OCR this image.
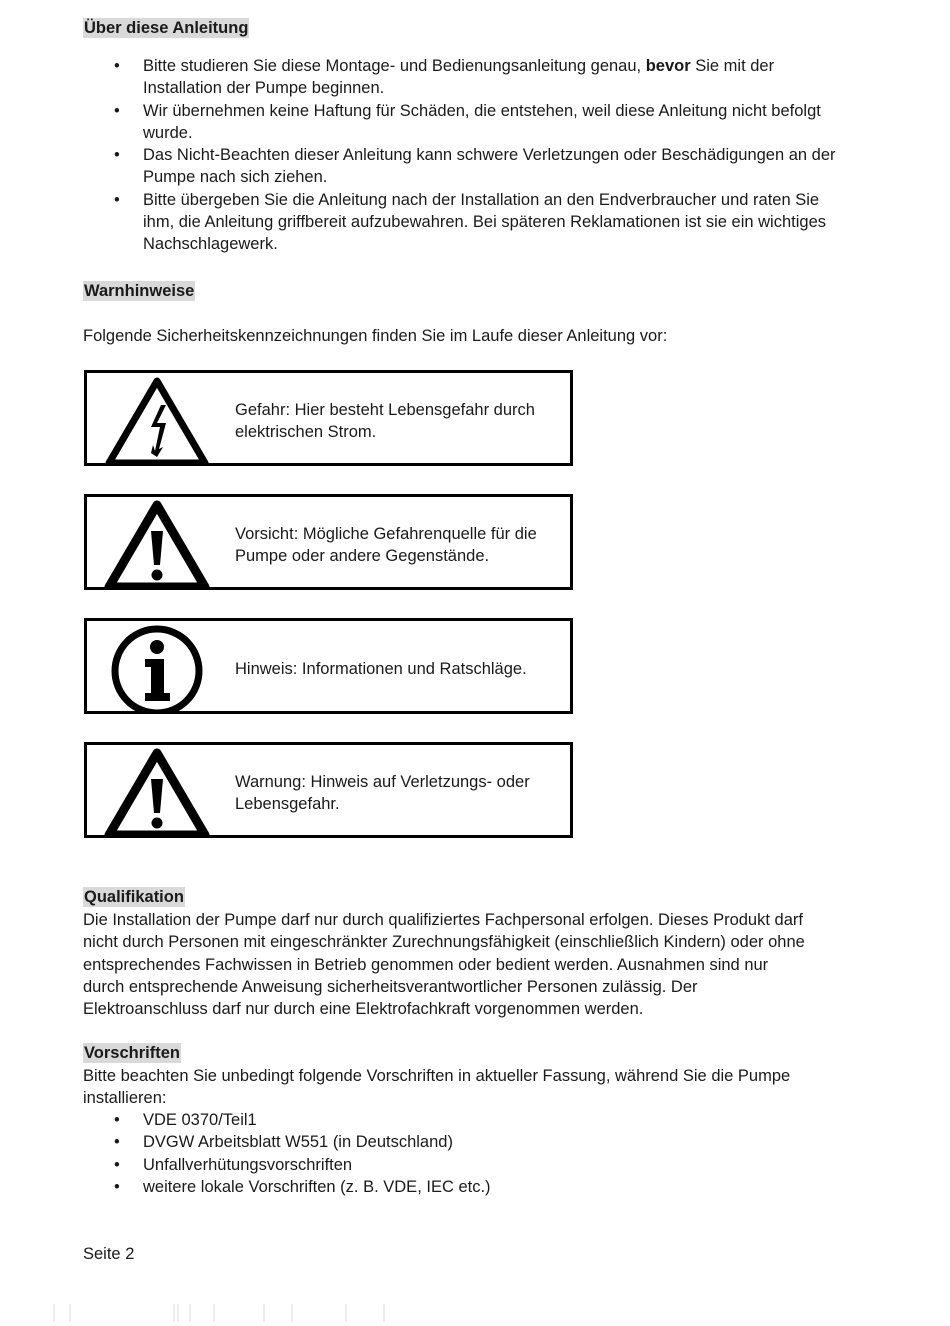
Über diese Anleitung
• Bitte studieren Sie diese Montage- und Bedienungsanleitung genau, bevor Sie mit der Installation der Pumpe beginnen.
• Wir übernehmen keine Haftung für Schäden, die entstehen, weil diese Anleitung nicht befolgt wurde.
• Das Nicht-Beachten dieser Anleitung kann schwere Verletzungen oder Beschädigungen an der Pumpe nach sich ziehen.
• Bitte übergeben Sie die Anleitung nach der Installation an den Endverbraucher und raten Sie ihm, die Anleitung griffbereit aufzubewahren. Bei späteren Reklamationen ist sie ein wichtiges Nachschlagewerk.
Warnhinweise
Folgende Sicherheitskennzeichnungen finden Sie im Laufe dieser Anleitung vor:
Gefahr: Hier besteht Lebensgefahr durch elektrischen Strom.
Vorsicht: Mögliche Gefahrenquelle für die Pumpe oder andere Gegenstände.
Hinweis: Informationen und Ratschläge.
Warnung: Hinweis auf Verletzungs- oder Lebensgefahr.
Qualifikation
Die Installation der Pumpe darf nur durch qualifiziertes Fachpersonal erfolgen. Dieses Produkt darf nicht durch Personen mit eingeschränkter Zurechnungsfähigkeit (einschließlich Kindern) oder ohne entsprechendes Fachwissen in Betrieb genommen oder bedient werden. Ausnahmen sind nur durch entsprechende Anweisung sicherheitsverantwortlicher Personen zulässig. Der Elektroanschluss darf nur durch eine Elektrofachkraft vorgenommen werden.
Vorschriften
Bitte beachten Sie unbedingt folgende Vorschriften in aktueller Fassung, während Sie die Pumpe installieren:
• VDE 0370/Teil1
• DVGW Arbeitsblatt W551 (in Deutschland)
• Unfallverhütungsvorschriften
• weitere lokale Vorschriften (z. B. VDE, IEC etc.)
Seite 2
